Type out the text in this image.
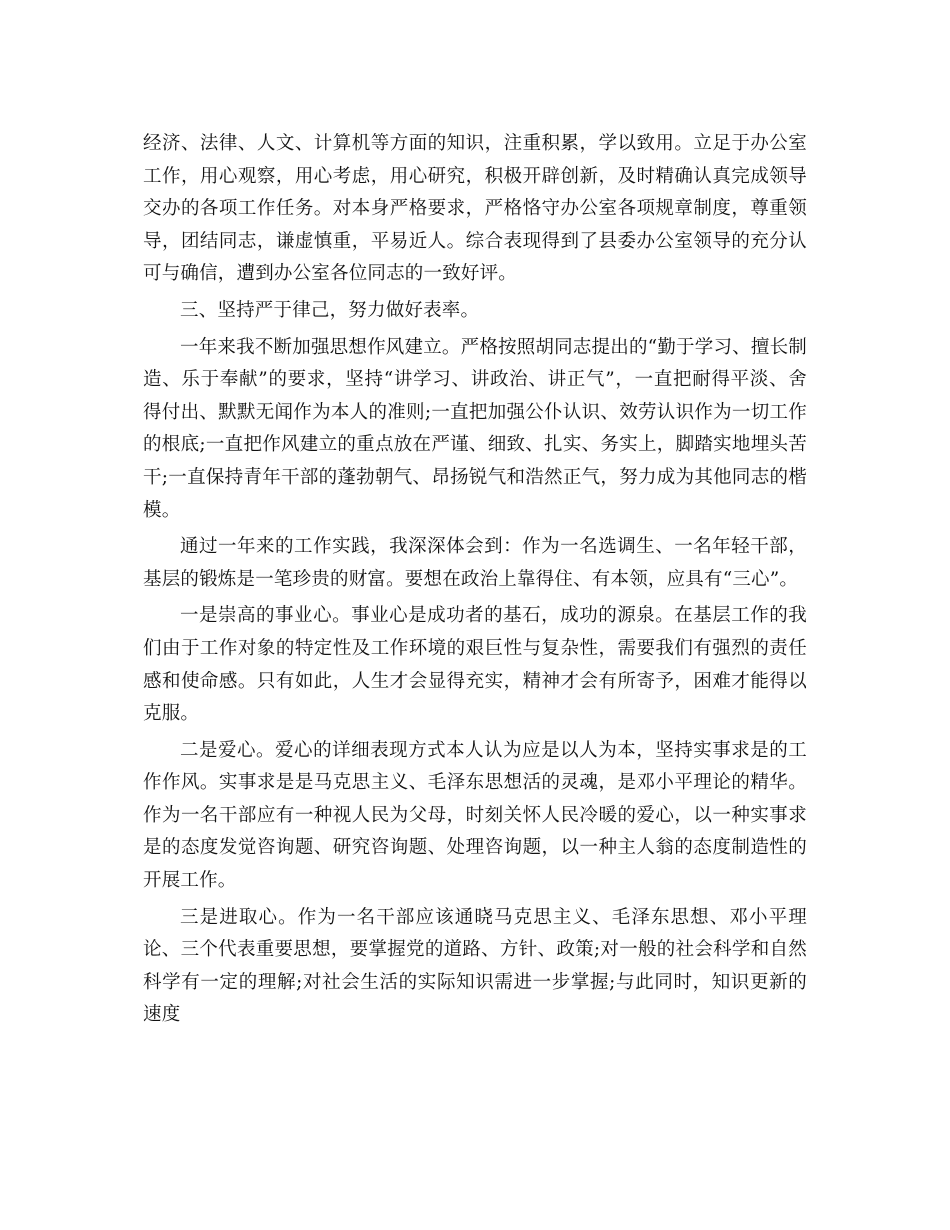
经济、法律、人文、计算机等方面的知识，注重积累，学以致用。立足于办公室工作，用心观察，用心考虑，用心研究，积极开辟创新，及时精确认真完成领导交办的各项工作任务。对本身严格要求，严格恪守办公室各项规章制度，尊重领导，团结同志，谦虚慎重，平易近人。综合表现得到了县委办公室领导的充分认可与确信，遭到办公室各位同志的一致好评。

三、坚持严于律己，努力做好表率。

一年来我不断加强思想作风建立。严格按照胡同志提出的“勤于学习、擅长制造、乐于奉献”的要求，坚持“讲学习、讲政治、讲正气”，一直把耐得平淡、舍得付出、默默无闻作为本人的准则;一直把加强公仆认识、效劳认识作为一切工作的根底;一直把作风建立的重点放在严谨、细致、扎实、务实上，脚踏实地埋头苦干;一直保持青年干部的蓬勃朝气、昂扬锐气和浩然正气，努力成为其他同志的楷模。

通过一年来的工作实践，我深深体会到：作为一名选调生、一名年轻干部，基层的锻炼是一笔珍贵的财富。要想在政治上靠得住、有本领，应具有“三心”。

一是崇高的事业心。事业心是成功者的基石，成功的源泉。在基层工作的我们由于工作对象的特定性及工作环境的艰巨性与复杂性，需要我们有强烈的责任感和使命感。只有如此，人生才会显得充实，精神才会有所寄予，困难才能得以克服。

二是爱心。爱心的详细表现方式本人认为应是以人为本，坚持实事求是的工作作风。实事求是是马克思主义、毛泽东思想活的灵魂，是邓小平理论的精华。作为一名干部应有一种视人民为父母，时刻关怀人民冷暖的爱心，以一种实事求是的态度发觉咨询题、研究咨询题、处理咨询题，以一种主人翁的态度制造性的开展工作。

三是进取心。作为一名干部应该通晓马克思主义、毛泽东思想、邓小平理论、三个代表重要思想，要掌握党的道路、方针、政策;对一般的社会科学和自然科学有一定的理解;对社会生活的实际知识需进一步掌握;与此同时，知识更新的速度
